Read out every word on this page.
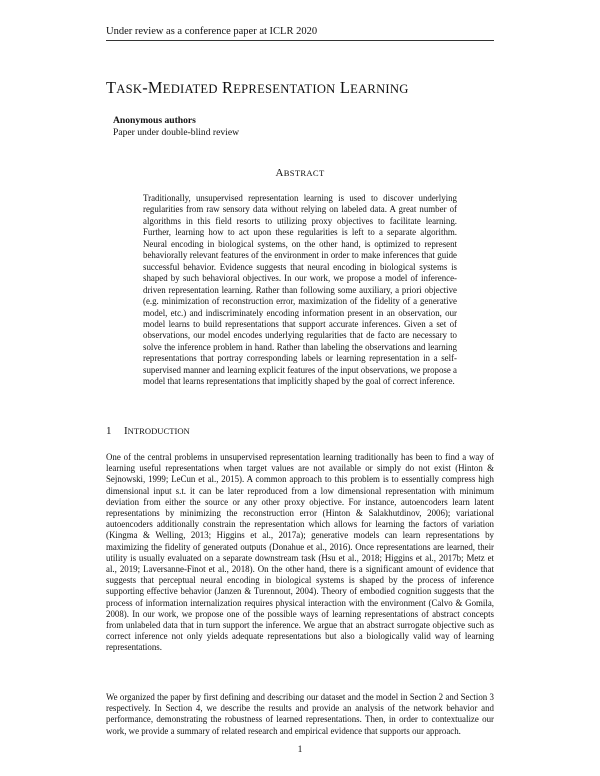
Under review as a conference paper at ICLR 2020
TASK-MEDIATED REPRESENTATION LEARNING
Anonymous authors
Paper under double-blind review
ABSTRACT
Traditionally, unsupervised representation learning is used to discover underlying regularities from raw sensory data without relying on labeled data. A great number of algorithms in this field resorts to utilizing proxy objectives to facilitate learning. Further, learning how to act upon these regularities is left to a separate algorithm. Neural encoding in biological systems, on the other hand, is optimized to represent behaviorally relevant features of the environment in order to make inferences that guide successful behavior. Evidence suggests that neural encoding in biological systems is shaped by such behavioral objectives. In our work, we propose a model of inference-driven representation learning. Rather than following some auxiliary, a priori objective (e.g. minimization of reconstruction error, maximization of the fidelity of a generative model, etc.) and indiscriminately encoding information present in an observation, our model learns to build representations that support accurate inferences. Given a set of observations, our model encodes underlying regularities that de facto are necessary to solve the inference problem in hand. Rather than labeling the observations and learning representations that portray corresponding labels or learning representation in a self-supervised manner and learning explicit features of the input observations, we propose a model that learns representations that implicitly shaped by the goal of correct inference.
1 INTRODUCTION
One of the central problems in unsupervised representation learning traditionally has been to find a way of learning useful representations when target values are not available or simply do not exist (Hinton & Sejnowski, 1999; LeCun et al., 2015). A common approach to this problem is to essentially compress high dimensional input s.t. it can be later reproduced from a low dimensional representation with minimum deviation from either the source or any other proxy objective. For instance, autoencoders learn latent representations by minimizing the reconstruction error (Hinton & Salakhutdinov, 2006); variational autoencoders additionally constrain the representation which allows for learning the factors of variation (Kingma & Welling, 2013; Higgins et al., 2017a); generative models can learn representations by maximizing the fidelity of generated outputs (Donahue et al., 2016). Once representations are learned, their utility is usually evaluated on a separate downstream task (Hsu et al., 2018; Higgins et al., 2017b; Metz et al., 2019; Laversanne-Finot et al., 2018). On the other hand, there is a significant amount of evidence that suggests that perceptual neural encoding in biological systems is shaped by the process of inference supporting effective behavior (Janzen & Turennout, 2004). Theory of embodied cognition suggests that the process of information internalization requires physical interaction with the environment (Calvo & Gomila, 2008). In our work, we propose one of the possible ways of learning representations of abstract concepts from unlabeled data that in turn support the inference. We argue that an abstract surrogate objective such as correct inference not only yields adequate representations but also a biologically valid way of learning representations.
We organized the paper by first defining and describing our dataset and the model in Section 2 and Section 3 respectively. In Section 4, we describe the results and provide an analysis of the network behavior and performance, demonstrating the robustness of learned representations. Then, in order to contextualize our work, we provide a summary of related research and empirical evidence that supports our approach.
1
